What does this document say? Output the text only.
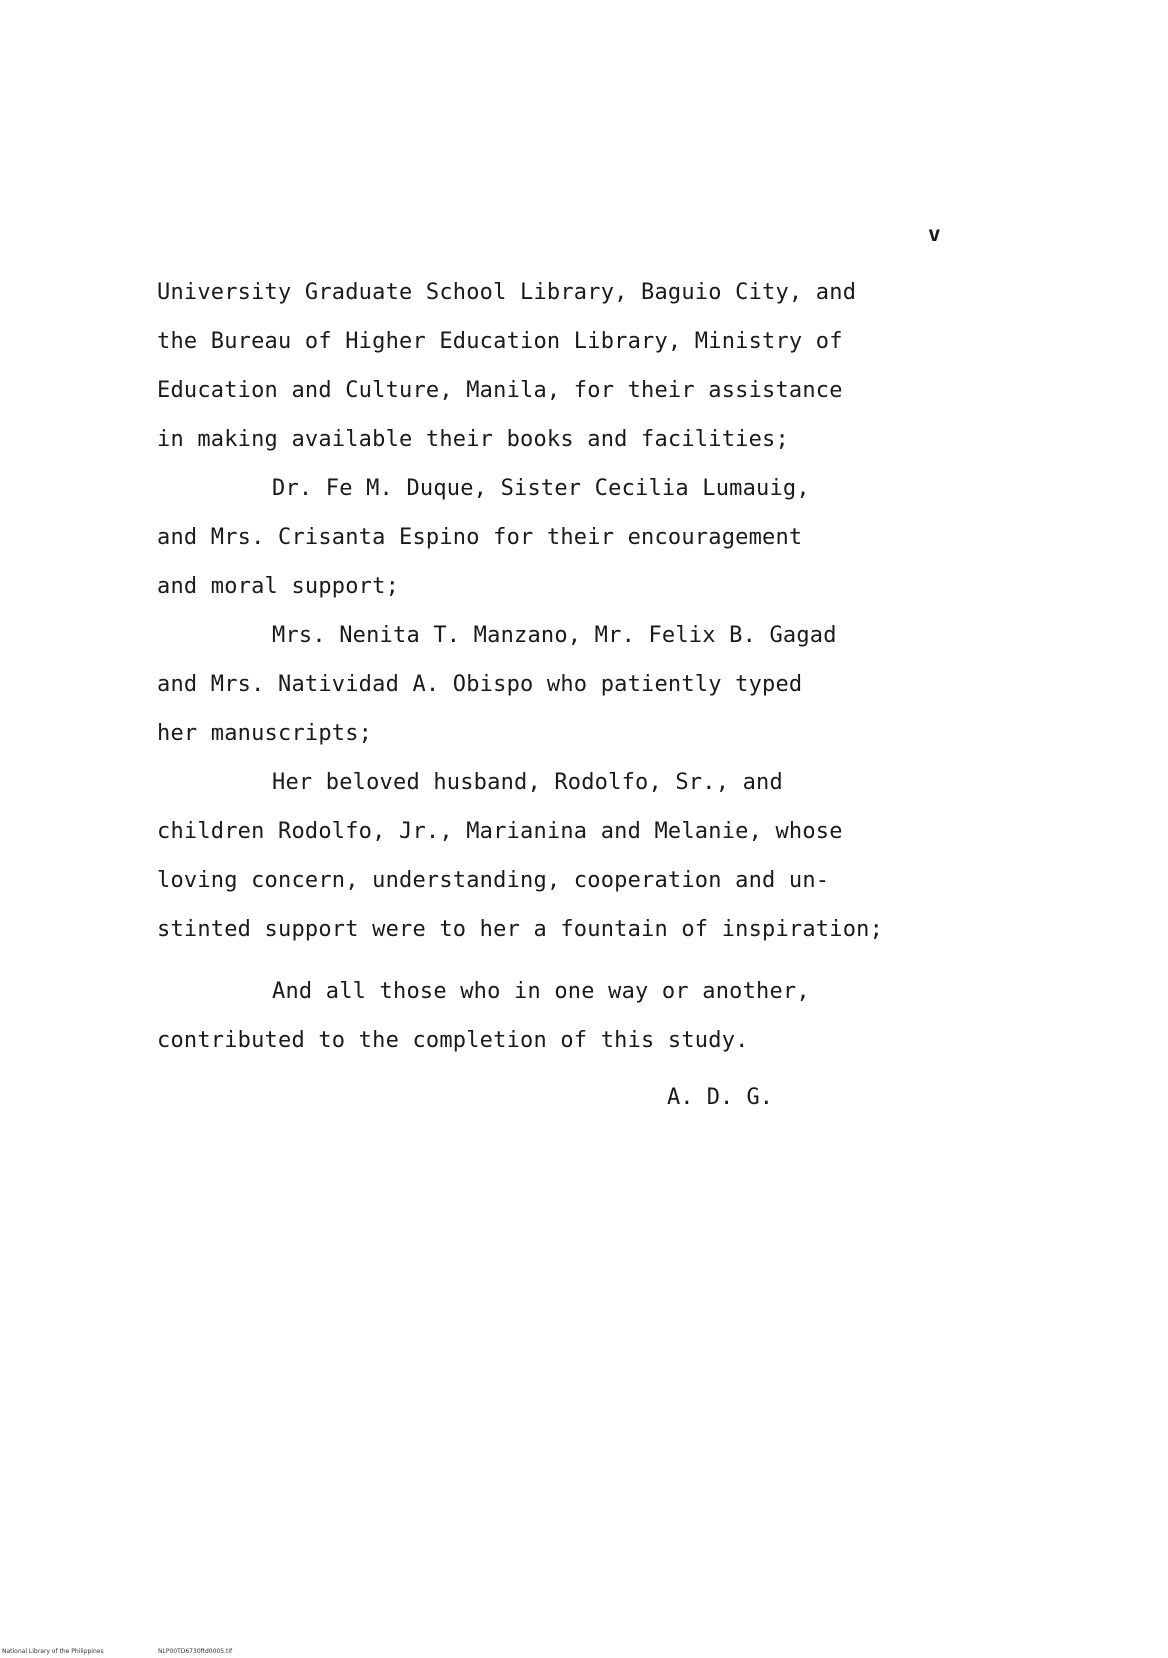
v
University Graduate School Library, Baguio City, and
the Bureau of Higher Education Library, Ministry of
Education and Culture, Manila, for their assistance
in making available their books and facilities;
Dr. Fe M. Duque, Sister Cecilia Lumauig,
and Mrs. Crisanta Espino for their encouragement
and moral support;
Mrs. Nenita T. Manzano, Mr. Felix B. Gagad
and Mrs. Natividad A. Obispo who patiently typed
her manuscripts;
Her beloved husband, Rodolfo, Sr., and
children Rodolfo, Jr., Marianina and Melanie, whose
loving concern, understanding, cooperation and un-
stinted support were to her a fountain of inspiration;
And all those who in one way or another,
contributed to the completion of this study.
A. D. G.
National Library of the Philippines	NLP00TD6730ftd0005.tif
